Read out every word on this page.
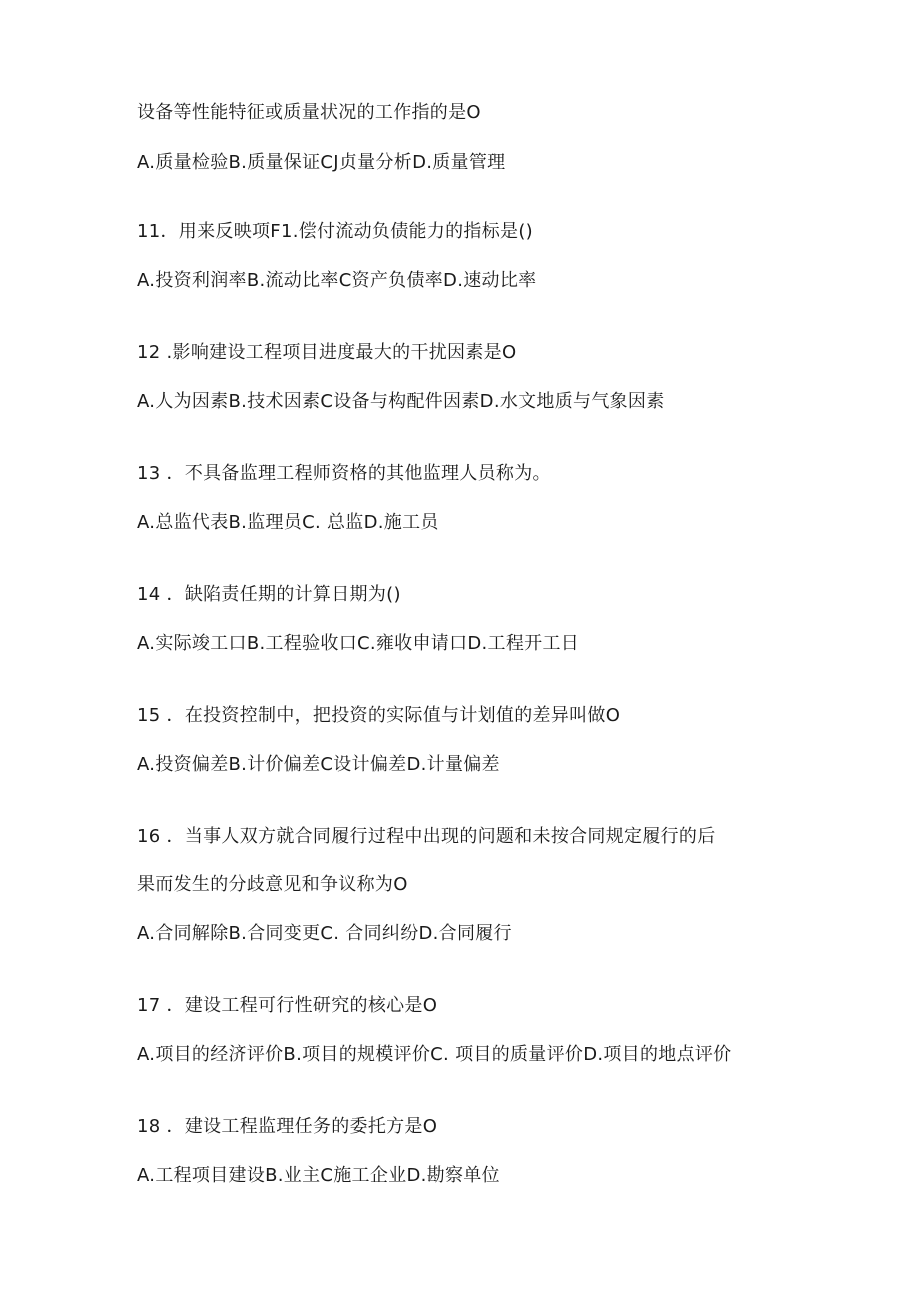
设备等性能特征或质量状况的工作指的是O
A.质量检验B.质量保证CJ贞量分析D.质量管理
11．用来反映项F1.偿付流动负债能力的指标是()
A.投资利润率B.流动比率C资产负债率D.速动比率
12 .影响建设工程项目进度最大的干扰因素是O
A.人为因素B.技术因素C设备与构配件因素D.水文地质与气象因素
13 ．不具备监理工程师资格的其他监理人员称为。
A.总监代表B.监理员C. 总监D.施工员
14 ．缺陷责任期的计算日期为()
A.实际竣工口B.工程验收口C.雍收申请口D.工程开工日
15 ．在投资控制中，把投资的实际值与计划值的差异叫做O
A.投资偏差B.计价偏差C设计偏差D.计量偏差
16 ．当事人双方就合同履行过程中出现的问题和未按合同规定履行的后
果而发生的分歧意见和争议称为O
A.合同解除B.合同变更C. 合同纠纷D.合同履行
17 ．建设工程可行性研究的核心是O
A.项目的经济评价B.项目的规模评价C. 项目的质量评价D.项目的地点评价
18 ．建设工程监理任务的委托方是O
A.工程项目建设B.业主C施工企业D.勘察单位
